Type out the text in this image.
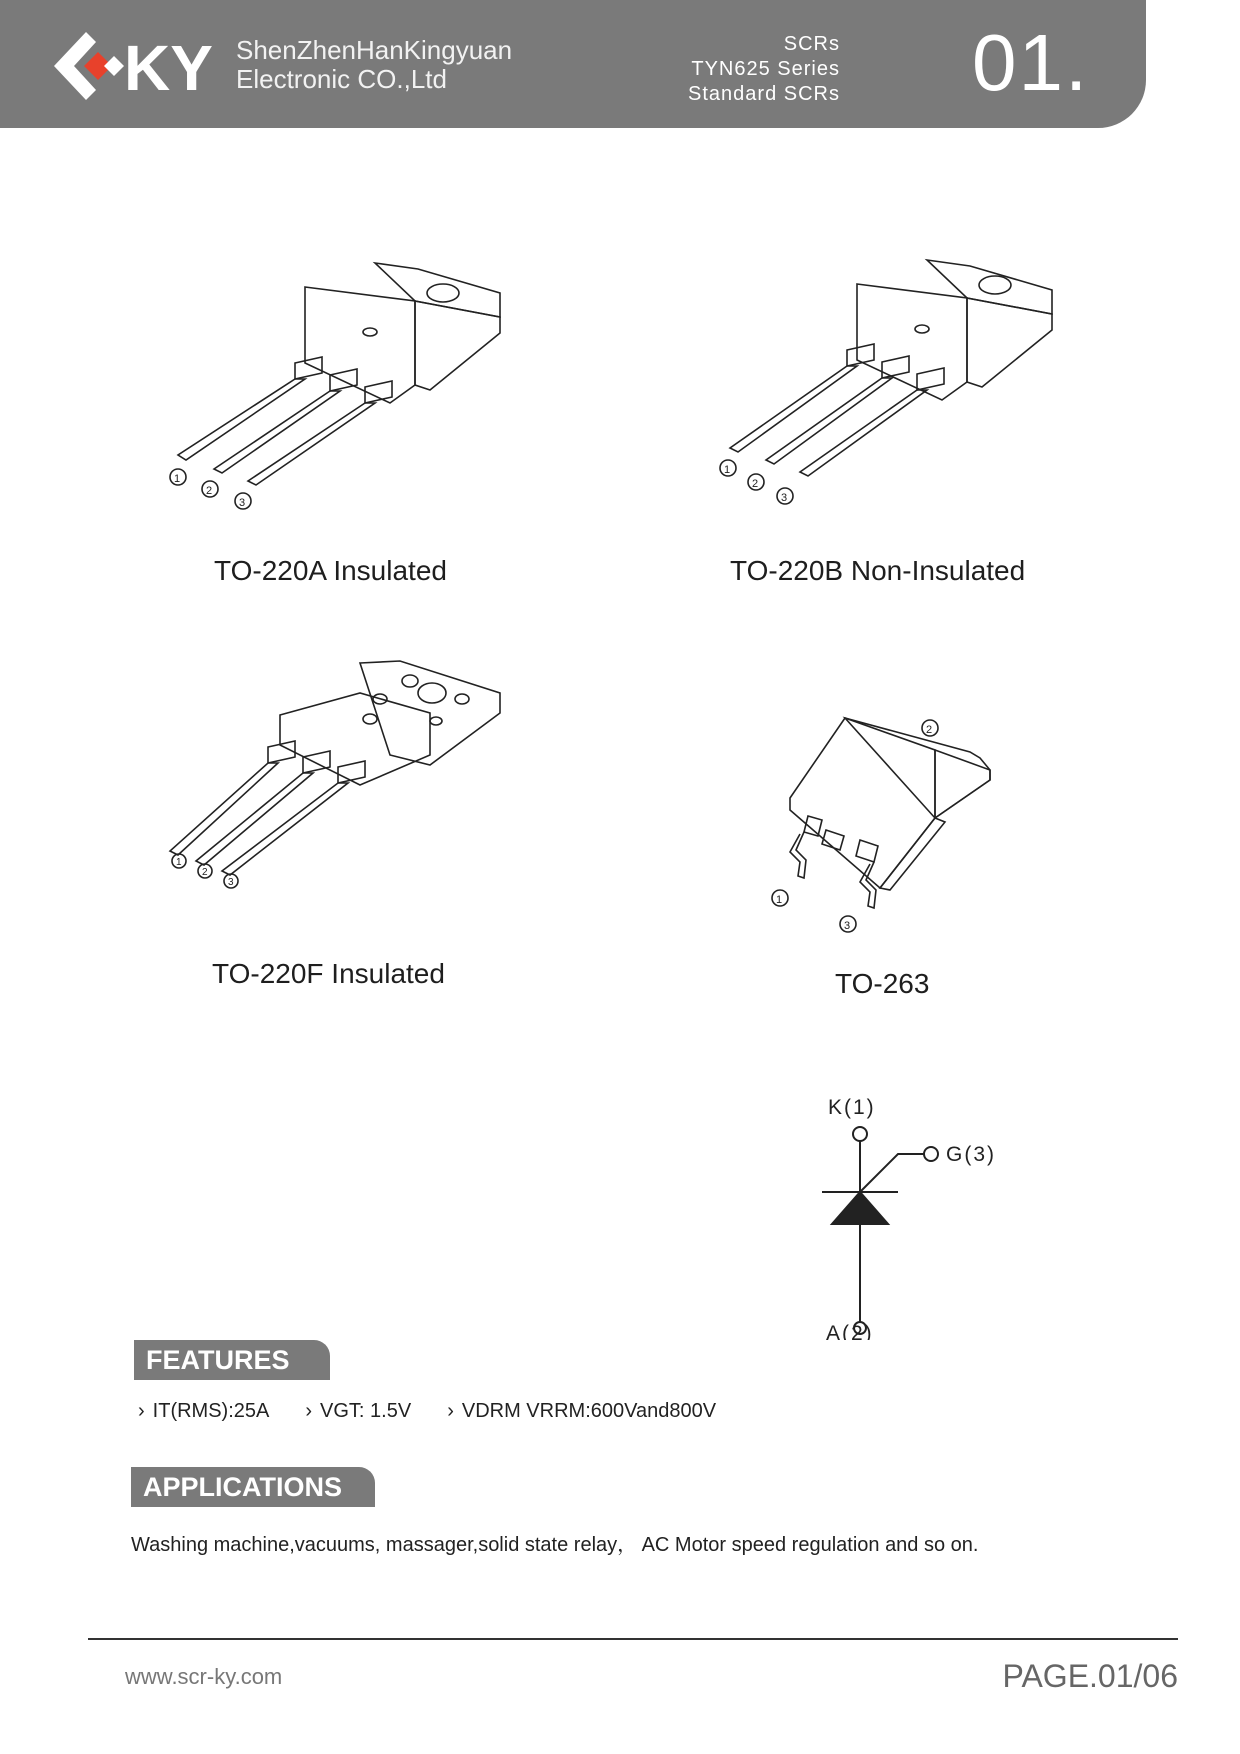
KY ShenZhenHanKingyuan
Electronic CO.,Ltd
SCRs
TYN625 Series
Standard SCRs 01.
1
2
3
TO-220A Insulated
1
2
3
TO-220B Non-Insulated
1
2
3
TO-220F Insulated
2
1
3
TO-263
K(1)
G(3)
A(2)
FEATURES
› IT(RMS):25A › VGT: 1.5V › VDRM VRRM:600Vand800V
APPLICATIONS
Washing machine,vacuums, massager,solid state relay， AC Motor speed regulation and so on.
www.scr-ky.com	PAGE.01/06
